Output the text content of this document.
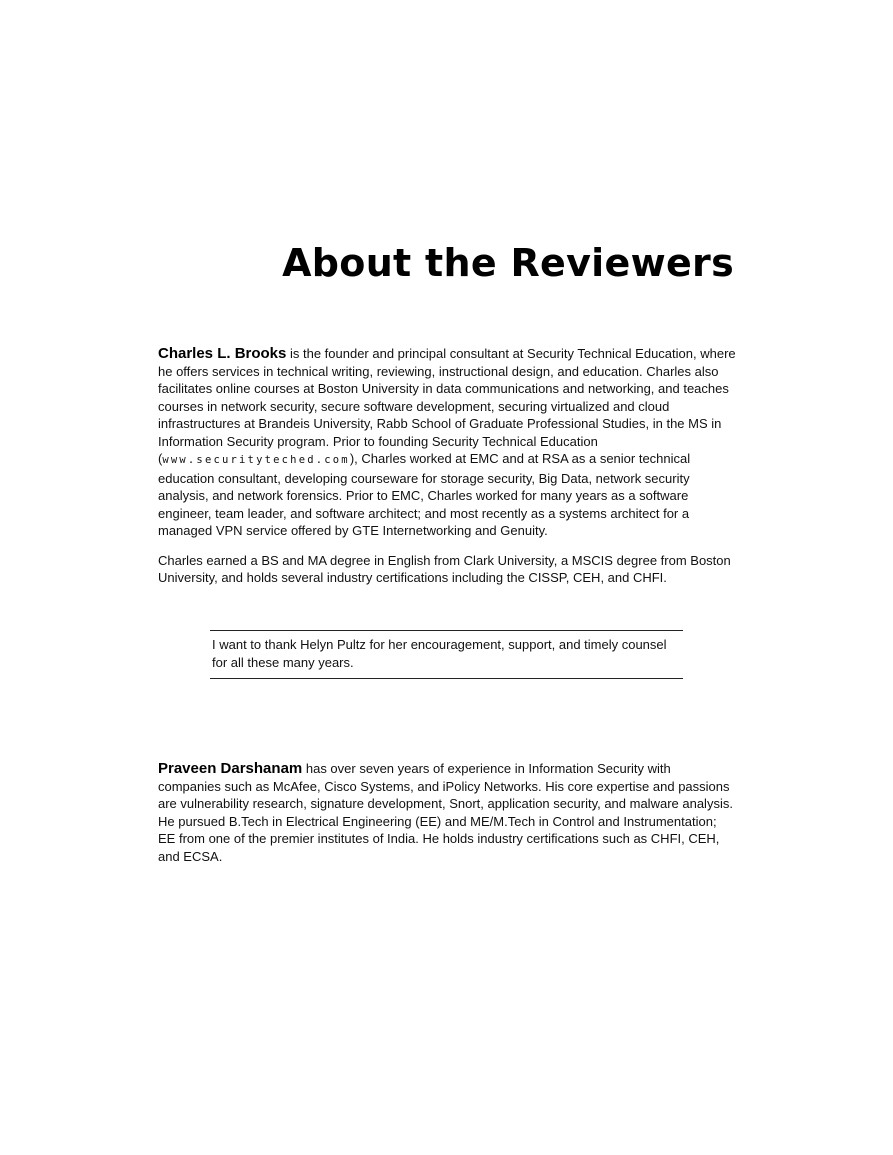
About the Reviewers

Charles L. Brooks is the founder and principal consultant at Security Technical Education, where he offers services in technical writing, reviewing, instructional design, and education. Charles also facilitates online courses at Boston University in data communications and networking, and teaches courses in network security, secure software development, securing virtualized and cloud infrastructures at Brandeis University, Rabb School of Graduate Professional Studies, in the MS in Information Security program. Prior to founding Security Technical Education (www.securityteched.com), Charles worked at EMC and at RSA as a senior technical education consultant, developing courseware for storage security, Big Data, network security analysis, and network forensics. Prior to EMC, Charles worked for many years as a software engineer, team leader, and software architect; and most recently as a systems architect for a managed VPN service offered by GTE Internetworking and Genuity.

Charles earned a BS and MA degree in English from Clark University, a MSCIS degree from Boston University, and holds several industry certifications including the CISSP, CEH, and CHFI.

I want to thank Helyn Pultz for her encouragement, support, and timely counsel for all these many years.

Praveen Darshanam has over seven years of experience in Information Security with companies such as McAfee, Cisco Systems, and iPolicy Networks. His core expertise and passions are vulnerability research, signature development, Snort, application security, and malware analysis. He pursued B.Tech in Electrical Engineering (EE) and ME/M.Tech in Control and Instrumentation; EE from one of the premier institutes of India. He holds industry certifications such as CHFI, CEH, and ECSA.
